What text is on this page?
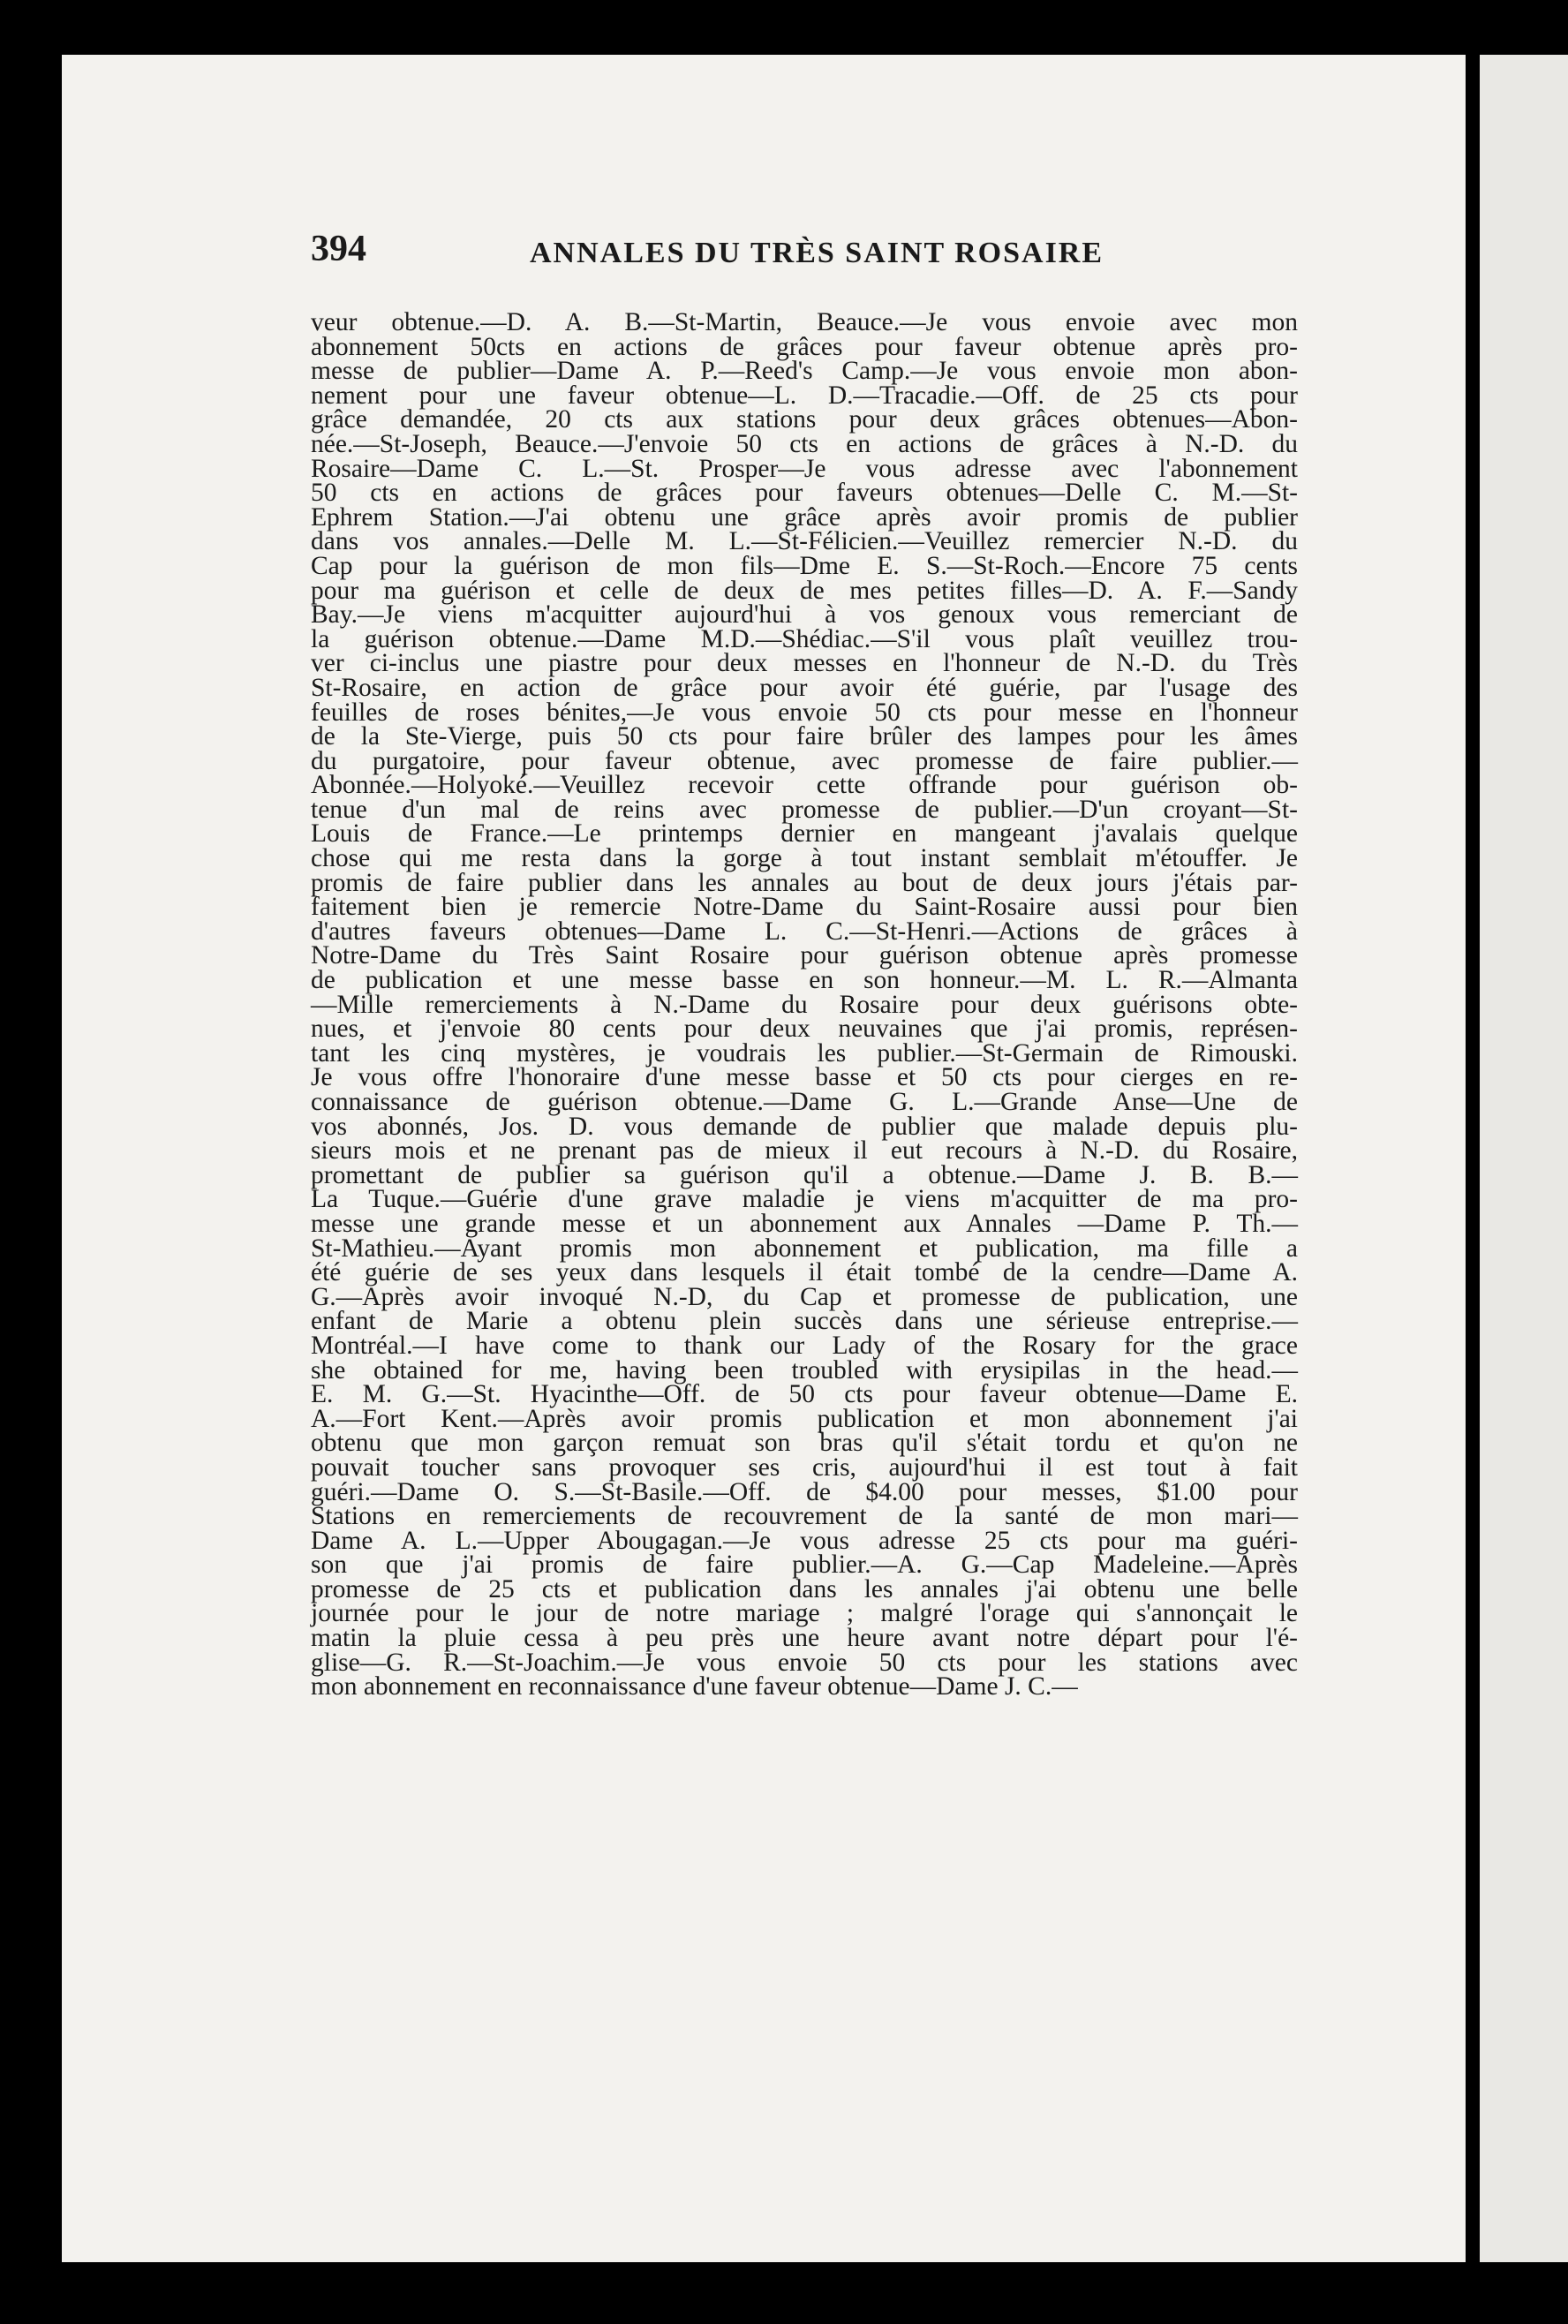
394	ANNALES DU TRÈS SAINT ROSAIRE
veur obtenue.—D. A. B.—St-Martin, Beauce.—Je vous envoie avec mon
abonnement 50cts en actions de grâces pour faveur obtenue après pro-
messe de publier—Dame A. P.—Reed's Camp.—Je vous envoie mon abon-
nement pour une faveur obtenue—L. D.—Tracadie.—Off. de 25 cts pour
grâce demandée, 20 cts aux stations pour deux grâces obtenues—Abon-
née.—St-Joseph, Beauce.—J'envoie 50 cts en actions de grâces à N.-D. du
Rosaire—Dame C. L.—St. Prosper—Je vous adresse avec l'abonnement
50 cts en actions de grâces pour faveurs obtenues—Delle C. M.—St-
Ephrem Station.—J'ai obtenu une grâce après avoir promis de publier
dans vos annales.—Delle M. L.—St-Félicien.—Veuillez remercier N.-D. du
Cap pour la guérison de mon fils—Dme E. S.—St-Roch.—Encore 75 cents
pour ma guérison et celle de deux de mes petites filles—D. A. F.—Sandy
Bay.—Je viens m'acquitter aujourd'hui à vos genoux vous remerciant de
la guérison obtenue.—Dame M.D.—Shédiac.—S'il vous plaît veuillez trou-
ver ci-inclus une piastre pour deux messes en l'honneur de N.-D. du Très
St-Rosaire, en action de grâce pour avoir été guérie, par l'usage des
feuilles de roses bénites,—Je vous envoie 50 cts pour messe en l'honneur
de la Ste-Vierge, puis 50 cts pour faire brûler des lampes pour les âmes
du purgatoire, pour faveur obtenue, avec promesse de faire publier.—
Abonnée.—Holyoké.—Veuillez recevoir cette offrande pour guérison ob-
tenue d'un mal de reins avec promesse de publier.—D'un croyant—St-
Louis de France.—Le printemps dernier en mangeant j'avalais quelque
chose qui me resta dans la gorge à tout instant semblait m'étouffer. Je
promis de faire publier dans les annales au bout de deux jours j'étais par-
faitement bien je remercie Notre-Dame du Saint-Rosaire aussi pour bien
d'autres faveurs obtenues—Dame L. C.—St-Henri.—Actions de grâces à
Notre-Dame du Très Saint Rosaire pour guérison obtenue après promesse
de publication et une messe basse en son honneur.—M. L. R.—Almanta
—Mille remerciements à N.-Dame du Rosaire pour deux guérisons obte-
nues, et j'envoie 80 cents pour deux neuvaines que j'ai promis, représen-
tant les cinq mystères, je voudrais les publier.—St-Germain de Rimouski.
Je vous offre l'honoraire d'une messe basse et 50 cts pour cierges en re-
connaissance de guérison obtenue.—Dame G. L.—Grande Anse—Une de
vos abonnés, Jos. D. vous demande de publier que malade depuis plu-
sieurs mois et ne prenant pas de mieux il eut recours à N.-D. du Rosaire,
promettant de publier sa guérison qu'il a obtenue.—Dame J. B. B.—
La Tuque.—Guérie d'une grave maladie je viens m'acquitter de ma pro-
messe une grande messe et un abonnement aux Annales —Dame P. Th.—
St-Mathieu.—Ayant promis mon abonnement et publication, ma fille a
été guérie de ses yeux dans lesquels il était tombé de la cendre—Dame A.
G.—Après avoir invoqué N.-D, du Cap et promesse de publication, une
enfant de Marie a obtenu plein succès dans une sérieuse entreprise.—
Montréal.—I have come to thank our Lady of the Rosary for the grace
she obtained for me, having been troubled with erysipilas in the head.—
E. M. G.—St. Hyacinthe—Off. de 50 cts pour faveur obtenue—Dame E.
A.—Fort Kent.—Après avoir promis publication et mon abonnement j'ai
obtenu que mon garçon remuat son bras qu'il s'était tordu et qu'on ne
pouvait toucher sans provoquer ses cris, aujourd'hui il est tout à fait
guéri.—Dame O. S.—St-Basile.—Off. de $4.00 pour messes, $1.00 pour
Stations en remerciements de recouvrement de la santé de mon mari—
Dame A. L.—Upper Abougagan.—Je vous adresse 25 cts pour ma guéri-
son que j'ai promis de faire publier.—A. G.—Cap Madeleine.—Après
promesse de 25 cts et publication dans les annales j'ai obtenu une belle
journée pour le jour de notre mariage ; malgré l'orage qui s'annonçait le
matin la pluie cessa à peu près une heure avant notre départ pour l'é-
glise—G. R.—St-Joachim.—Je vous envoie 50 cts pour les stations avec
mon abonnement en reconnaissance d'une faveur obtenue—Dame J. C.—
